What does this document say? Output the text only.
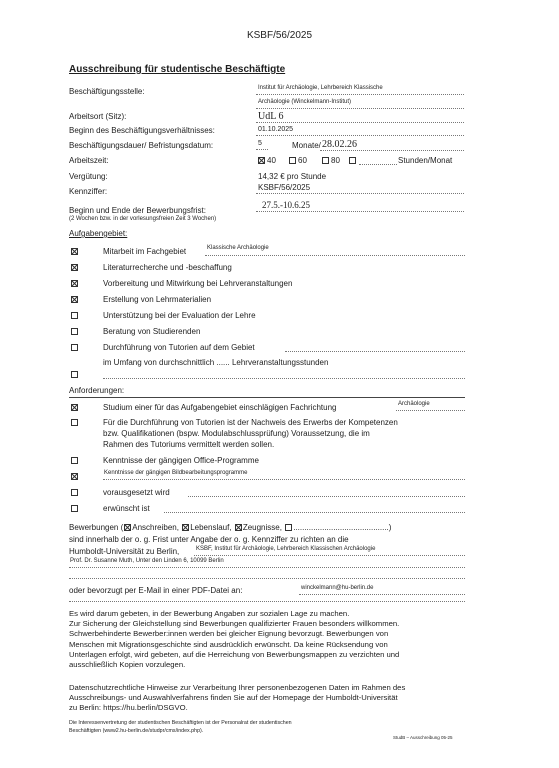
KSBF/56/2025
Ausschreibung für studentische Beschäftigte
Beschäftigungsstelle:	Institut für Archäologie, Lehrbereich Klassische
Archäologie (Winckelmann-Institut)
Arbeitsort (Sitz):	UdL 6
Beginn des Beschäftigungsverhältnisses:	01.10.2025
Beschäftigungsdauer/ Befristungsdatum:	5	Monate/ 28.02.26
Arbeitszeit:	40	60	80	Stunden/Monat
Vergütung:	14,32 € pro Stunde
Kennziffer:	KSBF/56/2025
Beginn und Ende der Bewerbungsfrist:
27.5.-10.6.25
(2 Wochen bzw. in der vorlesungsfreien Zeit 3 Wochen)
Aufgabengebiet:
Mitarbeit im Fachgebiet	Klassische Archäologie
Literaturrecherche und -beschaffung
Vorbereitung und Mitwirkung bei Lehrveranstaltungen
Erstellung von Lehrmaterialien
Unterstützung bei der Evaluation der Lehre
Beratung von Studierenden
Durchführung von Tutorien auf dem Gebiet
im Umfang von durchschnittlich ...... Lehrveranstaltungsstunden
Anforderungen:
Studium einer für das Aufgabengebiet einschlägigen Fachrichtung	Archäologie
Für die Durchführung von Tutorien ist der Nachweis des Erwerbs der Kompetenzen
bzw. Qualifikationen (bspw. Modulabschlussprüfung) Voraussetzung, die im
Rahmen des Tutoriums vermittelt werden sollen.
Kenntnisse der gängigen Office-Programme
Kenntnisse der gängigen Bildbearbeitungsprogramme
vorausgesetzt wird
erwünscht ist
Bewerbungen ( Anschreiben, Lebenslauf, Zeugnisse, ...........................................)
sind innerhalb der o. g. Frist unter Angabe der o. g. Kennziffer zu richten an die
Humboldt-Universität zu Berlin,	KSBF, Institut für Archäologie, Lehrbereich Klassischen Archäologie
Prof. Dr. Susanne Muth, Unter den Linden 6, 10099 Berlin
oder bevorzugt per E-Mail in einer PDF-Datei an:	winckelmann@hu-berlin.de
Es wird darum gebeten, in der Bewerbung Angaben zur sozialen Lage zu machen.
Zur Sicherung der Gleichstellung sind Bewerbungen qualifizierter Frauen besonders willkommen.
Schwerbehinderte Bewerber:innen werden bei gleicher Eignung bevorzugt. Bewerbungen von
Menschen mit Migrationsgeschichte sind ausdrücklich erwünscht. Da keine Rücksendung von
Unterlagen erfolgt, wird gebeten, auf die Herreichung von Bewerbungsmappen zu verzichten und
ausschließlich Kopien vorzulegen.
Datenschutzrechtliche Hinweise zur Verarbeitung Ihrer personenbezogenen Daten im Rahmen des
Ausschreibungs- und Auswahlverfahrens finden Sie auf der Homepage der Humboldt-Universität
zu Berlin: https://hu.berlin/DSGVO.
Die Interessenvertretung der studentischen Beschäftigten ist der Personalrat der studentischen
Beschäftigten (www2.hu-berlin.de/studpr/cms/index.php).
StudB – Ausschreibung 05-25
